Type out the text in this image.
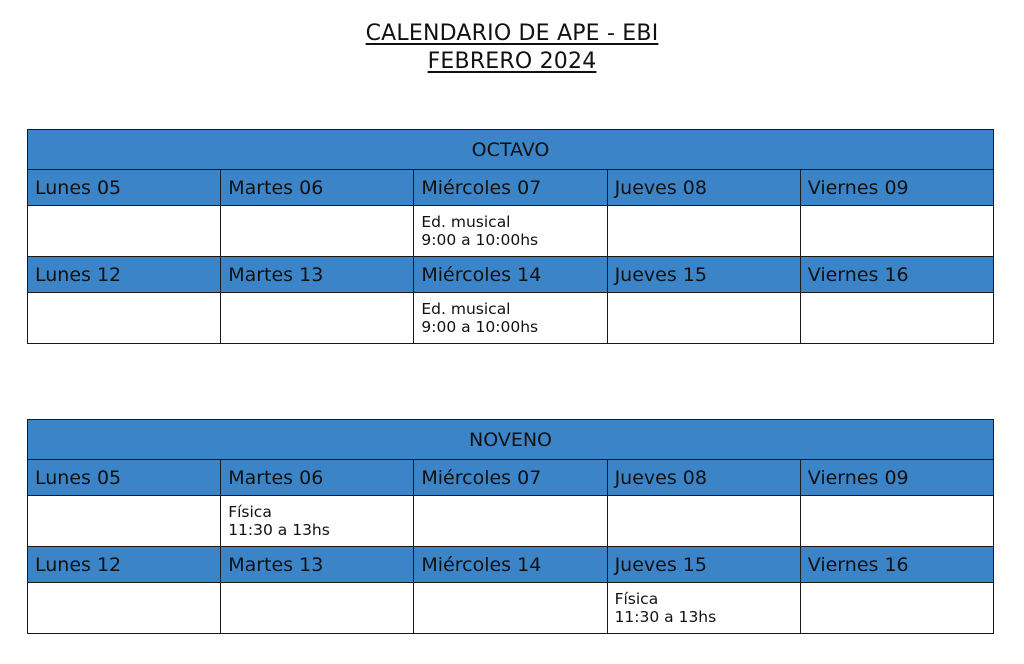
CALENDARIO DE APE - EBI
FEBRERO 2024
OCTAVO				
Lunes 05	Martes 06	Miércoles 07	Jueves 08	Viernes 09

		Ed. musical
9:00 a 10:00hs		

Lunes 12	Martes 13	Miércoles 14	Jueves 15	Viernes 16

		Ed. musical
9:00 a 10:00hs		

NOVENO				
Lunes 05	Martes 06	Miércoles 07	Jueves 08	Viernes 09

	Física
11:30 a 13hs			

Lunes 12	Martes 13	Miércoles 14	Jueves 15	Viernes 16

			Física
11:30 a 13hs	
